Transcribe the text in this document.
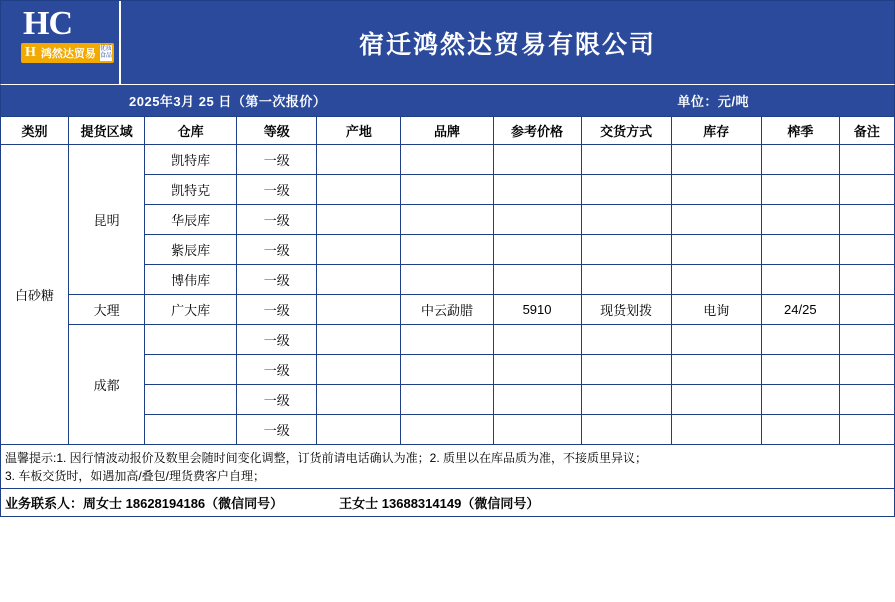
HC
H 鸿然达贸易 优质
食品	宿迁鸿然达贸易有限公司
2025年3月 25 日（第一次报价）	单位：元/吨
类别	提货区域	仓库	等级	产地	品牌	参考价格	交货方式	库存	榨季	备注
白砂糖	昆明	凯特库	一级							
		凯特克	一级							
		华辰库	一级							
		紫辰库	一级							
		博伟库	一级							
	大理	广大库	一级		中云勐腊	5910	现货划拨	电询	24/25	
	成都		一级							
			一级							
			一级							
			一级							
温馨提示:1. 因行情波动报价及数里会随时间变化调整，订货前请电话确认为准；2. 质里以在库品质为准，不接质里异议；
3. 车板交货时，如遇加高/叠包/理货费客户自理；
业务联系人： 周女士 18628194186（微信同号）	王女士 13688314149（微信同号）
